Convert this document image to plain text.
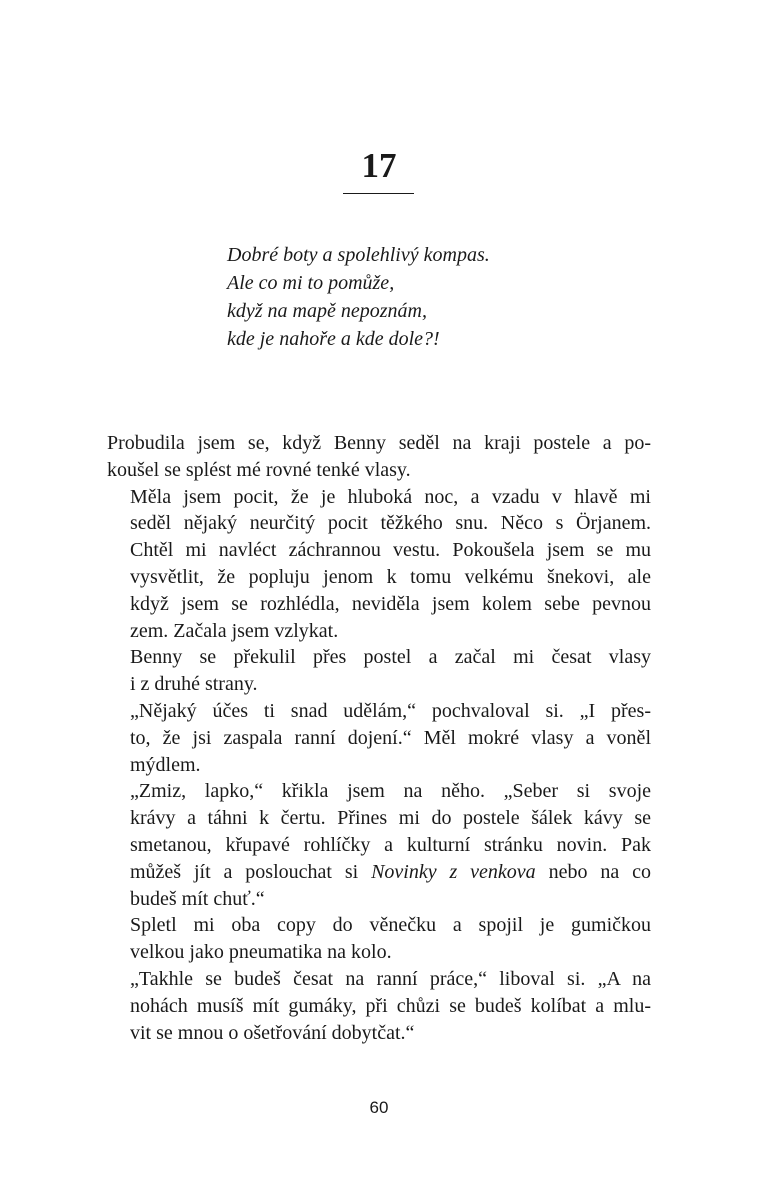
17
Dobré boty a spolehlivý kompas.
Ale co mi to pomůže,
když na mapě nepoznám,
kde je nahoře a kde dole?!

Probudila jsem se, když Benny seděl na kraji postele a po-
koušel se splést mé rovné tenké vlasy.

Měla jsem pocit, že je hluboká noc, a vzadu v hlavě mi
seděl nějaký neurčitý pocit těžkého snu. Něco s Örjanem.
Chtěl mi navléct záchrannou vestu. Pokoušela jsem se mu
vysvětlit, že popluju jenom k tomu velkému šnekovi, ale
když jsem se rozhlédla, neviděla jsem kolem sebe pevnou
zem. Začala jsem vzlykat.

Benny se překulil přes postel a začal mi česat vlasy
i z druhé strany.

„Nějaký účes ti snad udělám,“ pochvaloval si. „I přes-
to, že jsi zaspala ranní dojení.“ Měl mokré vlasy a voněl
mýdlem.

„Zmiz, lapko,“ křikla jsem na něho. „Seber si svoje
krávy a táhni k čertu. Přines mi do postele šálek kávy se
smetanou, křupavé rohlíčky a kulturní stránku novin. Pak
můžeš jít a poslouchat si Novinky z venkova nebo na co
budeš mít chuť.“

Spletl mi oba copy do věnečku a spojil je gumičkou
velkou jako pneumatika na kolo.

„Takhle se budeš česat na ranní práce,“ liboval si. „A na
nohách musíš mít gumáky, při chůzi se budeš kolíbat a mlu-
vit se mnou o ošetřování dobytčat.“

60
